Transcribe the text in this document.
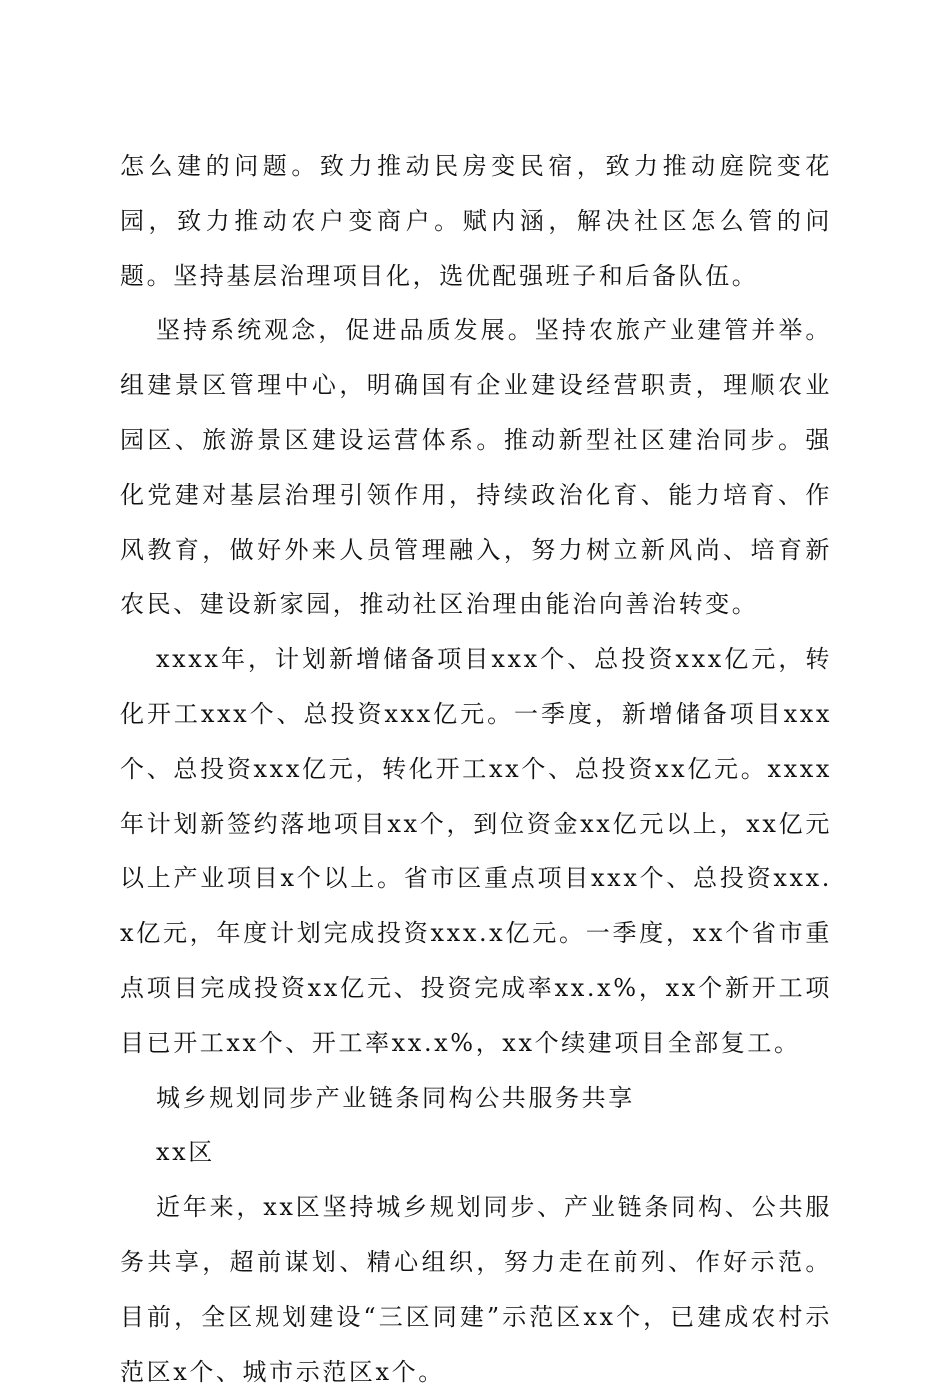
怎么建的问题。致力推动民房变民宿，致力推动庭院变花园，致力推动农户变商户。赋内涵，解决社区怎么管的问题。坚持基层治理项目化，选优配强班子和后备队伍。

坚持系统观念，促进品质发展。坚持农旅产业建管并举。组建景区管理中心，明确国有企业建设经营职责，理顺农业园区、旅游景区建设运营体系。推动新型社区建治同步。强化党建对基层治理引领作用，持续政治化育、能力培育、作风教育，做好外来人员管理融入，努力树立新风尚、培育新农民、建设新家园，推动社区治理由能治向善治转变。

xxxx年，计划新增储备项目xxx个、总投资xxx亿元，转化开工xxx个、总投资xxx亿元。一季度，新增储备项目xxx个、总投资xxx亿元，转化开工xx个、总投资xx亿元。xxxx年计划新签约落地项目xx个，到位资金xx亿元以上，xx亿元以上产业项目x个以上。省市区重点项目xxx个、总投资xxx.x亿元，年度计划完成投资xxx.x亿元。一季度，xx个省市重点项目完成投资xx亿元、投资完成率xx.x%，xx个新开工项目已开工xx个、开工率xx.x%，xx个续建项目全部复工。

城乡规划同步产业链条同构公共服务共享

xx区

近年来，xx区坚持城乡规划同步、产业链条同构、公共服务共享，超前谋划、精心组织，努力走在前列、作好示范。目前，全区规划建设“三区同建”示范区xx个，已建成农村示范区x个、城市示范区x个。
